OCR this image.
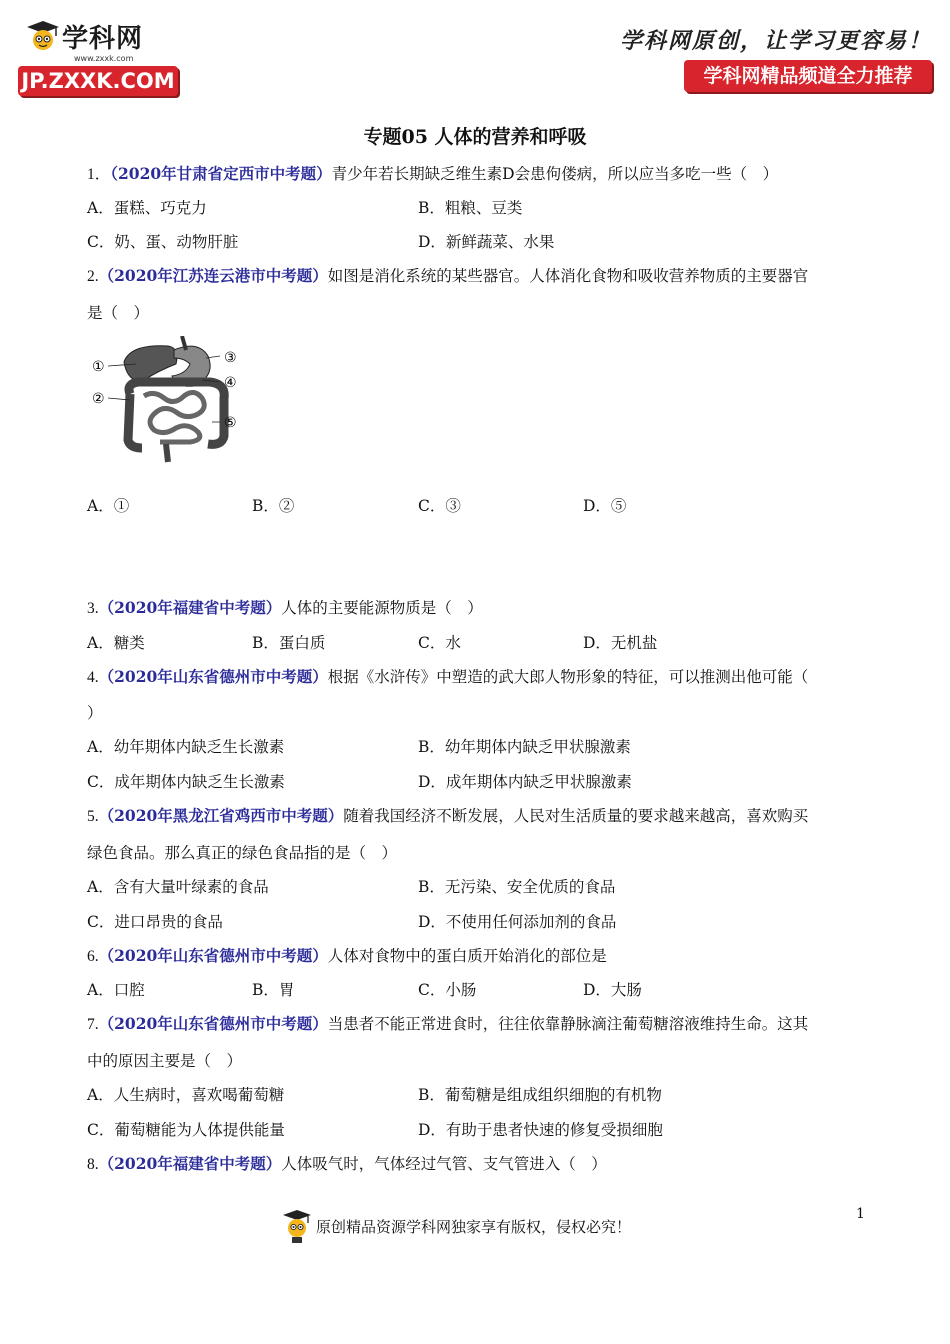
学科网
www.zxxk.com
JP.ZXXK.COM
学科网原创，让学习更容易！
学科网精品频道全力推荐
专题05 人体的营养和呼吸
1．（2020年甘肃省定西市中考题）青少年若长期缺乏维生素D会患佝偻病，所以应当多吃一些（　）
A．蛋糕、巧克力	B．粗粮、豆类
C．奶、蛋、动物肝脏	D．新鲜蔬菜、水果
2.（2020年江苏连云港市中考题）如图是消化系统的某些器官。人体消化食物和吸收营养物质的主要器官
是（　）
①
②
③
④
⑤
A．①	B．②	C．③	D．⑤
3.（2020年福建省中考题）人体的主要能源物质是（　）
A．糖类	B．蛋白质	C．水	D．无机盐
4.（2020年山东省德州市中考题）根据《水浒传》中塑造的武大郎人物形象的特征，可以推测出他可能（
）
A．幼年期体内缺乏生长激素	B．幼年期体内缺乏甲状腺激素
C．成年期体内缺乏生长激素	D．成年期体内缺乏甲状腺激素
5.（2020年黑龙江省鸡西市中考题）随着我国经济不断发展，人民对生活质量的要求越来越高，喜欢购买
绿色食品。那么真正的绿色食品指的是（　）
A．含有大量叶绿素的食品	B．无污染、安全优质的食品
C．进口昂贵的食品	D．不使用任何添加剂的食品
6.（2020年山东省德州市中考题）人体对食物中的蛋白质开始消化的部位是
A．口腔	B．胃	C．小肠	D．大肠
7.（2020年山东省德州市中考题）当患者不能正常进食时，往往依靠静脉滴注葡萄糖溶液维持生命。这其
中的原因主要是（　）
A．人生病时，喜欢喝葡萄糖	B．葡萄糖是组成组织细胞的有机物
C．葡萄糖能为人体提供能量	D．有助于患者快速的修复受损细胞
8.（2020年福建省中考题）人体吸气时，气体经过气管、支气管进入（　）
1
原创精品资源学科网独家享有版权，侵权必究！
